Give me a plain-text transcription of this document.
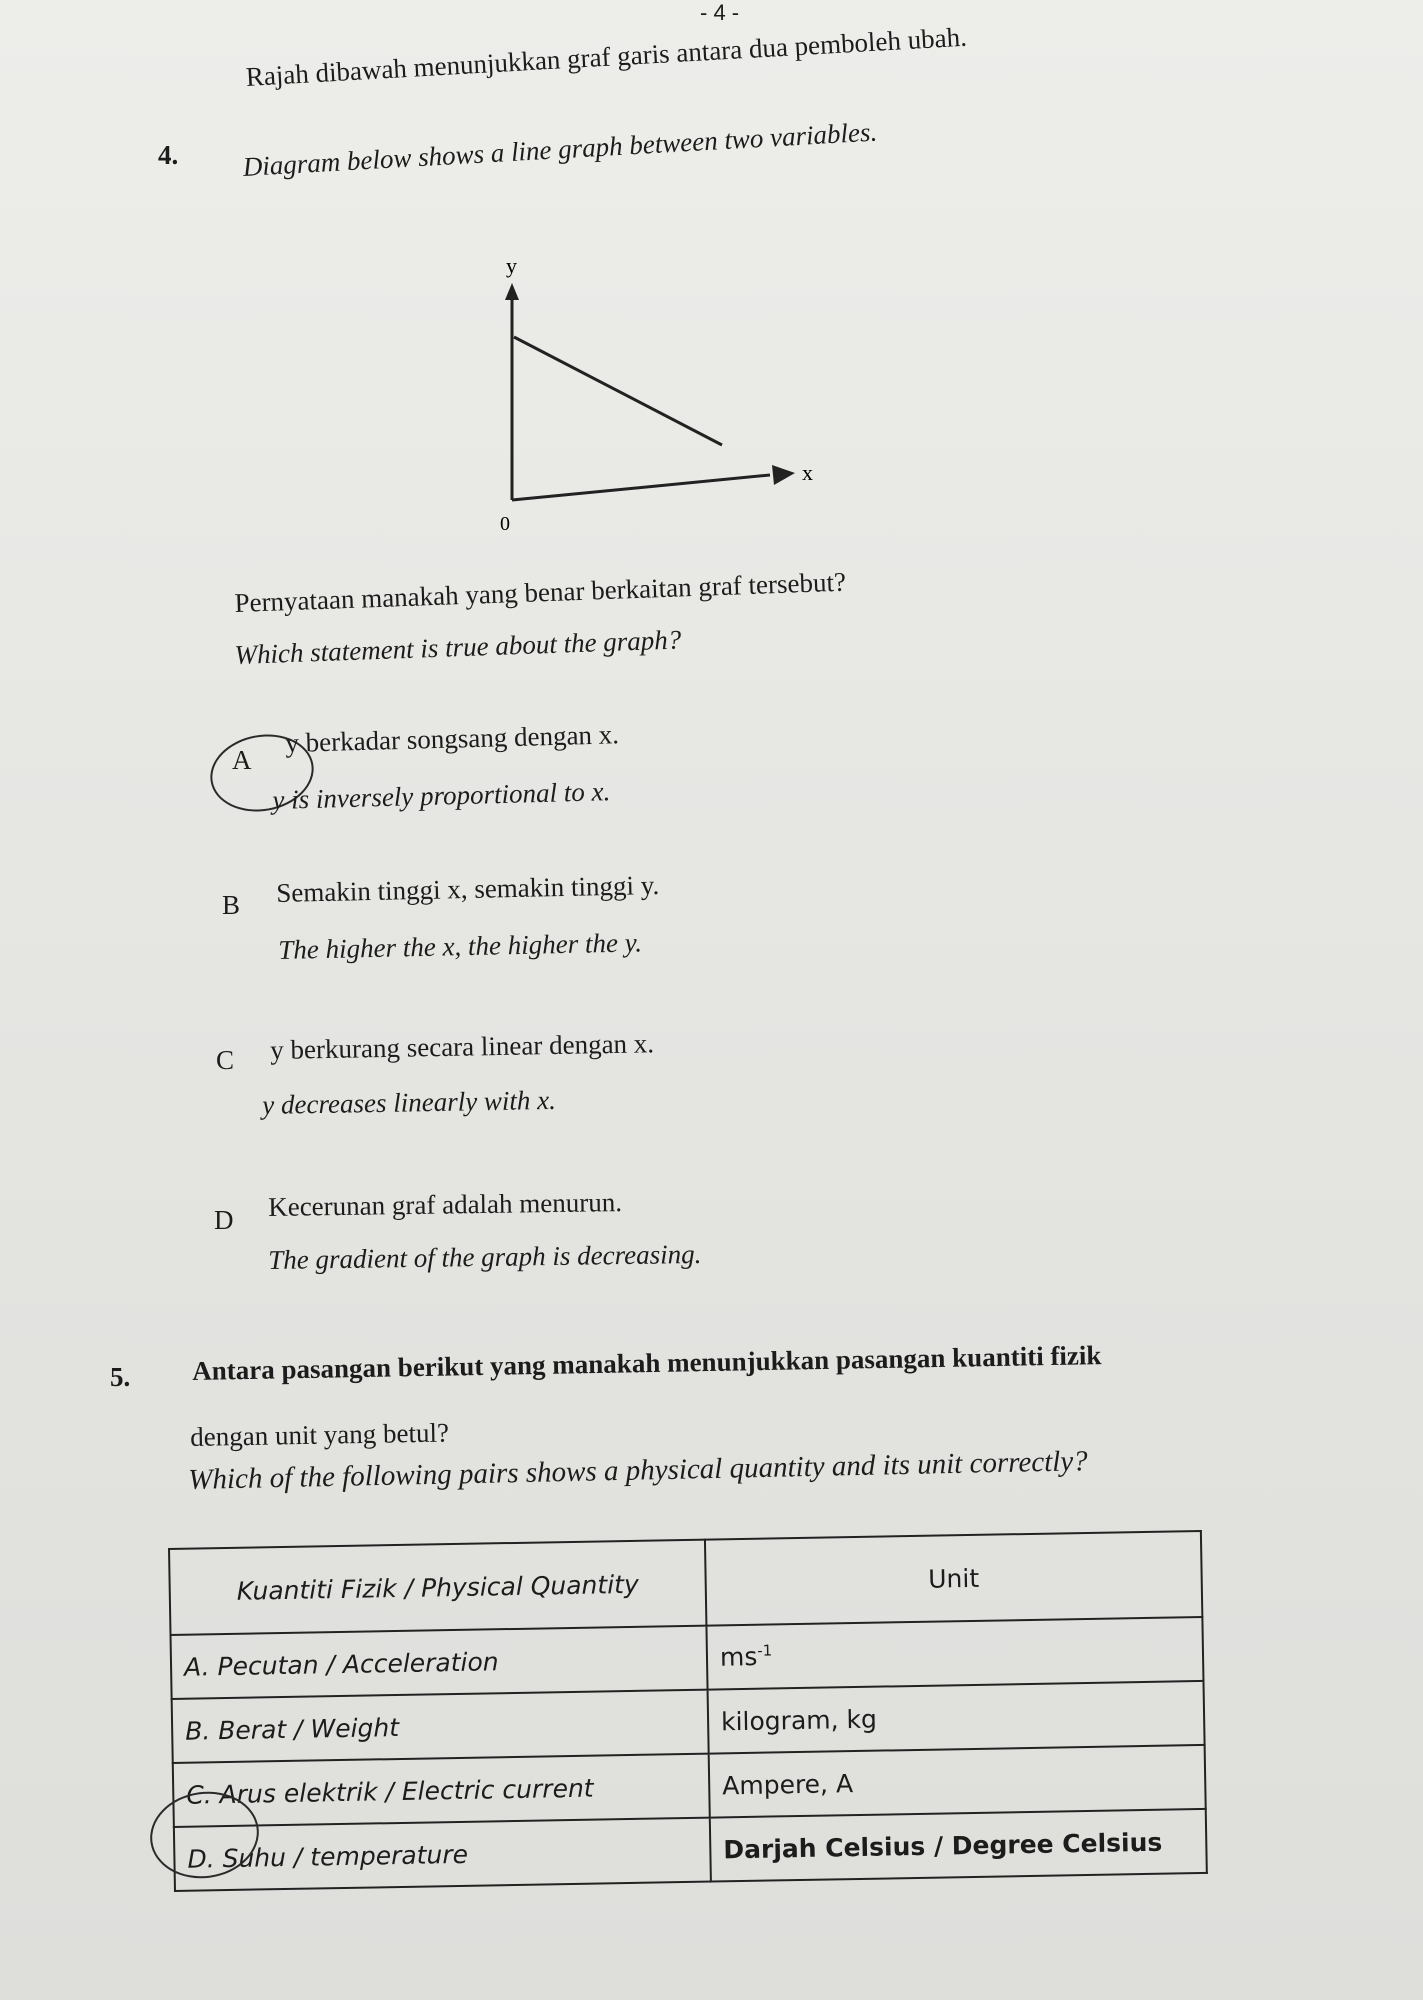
- 4 -
4.
Rajah dibawah menunjukkan graf garis antara dua pemboleh ubah.
Diagram below shows a line graph between two variables.
y
x
0
Pernyataan manakah yang benar berkaitan graf tersebut?
Which statement is true about the graph?
A
y berkadar songsang dengan x.
y is inversely proportional to x.
B Semakin tinggi x, semakin tinggi y.
The higher the x, the higher the y.
C y berkurang secara linear dengan x.
y decreases linearly with x.
D Kecerunan graf adalah menurun.
The gradient of the graph is decreasing.
5. Antara pasangan berikut yang manakah menunjukkan pasangan kuantiti fizik
dengan unit yang betul?
Which of the following pairs shows a physical quantity and its unit correctly?
Kuantiti Fizik / Physical Quantity	Unit
A. Pecutan / Acceleration	$ms^{-1}$
B. Berat / Weight	kilogram, kg
C. Arus elektrik / Electric current	Ampere, A
D. Suhu / temperature	Darjah Celsius / Degree Celsius
